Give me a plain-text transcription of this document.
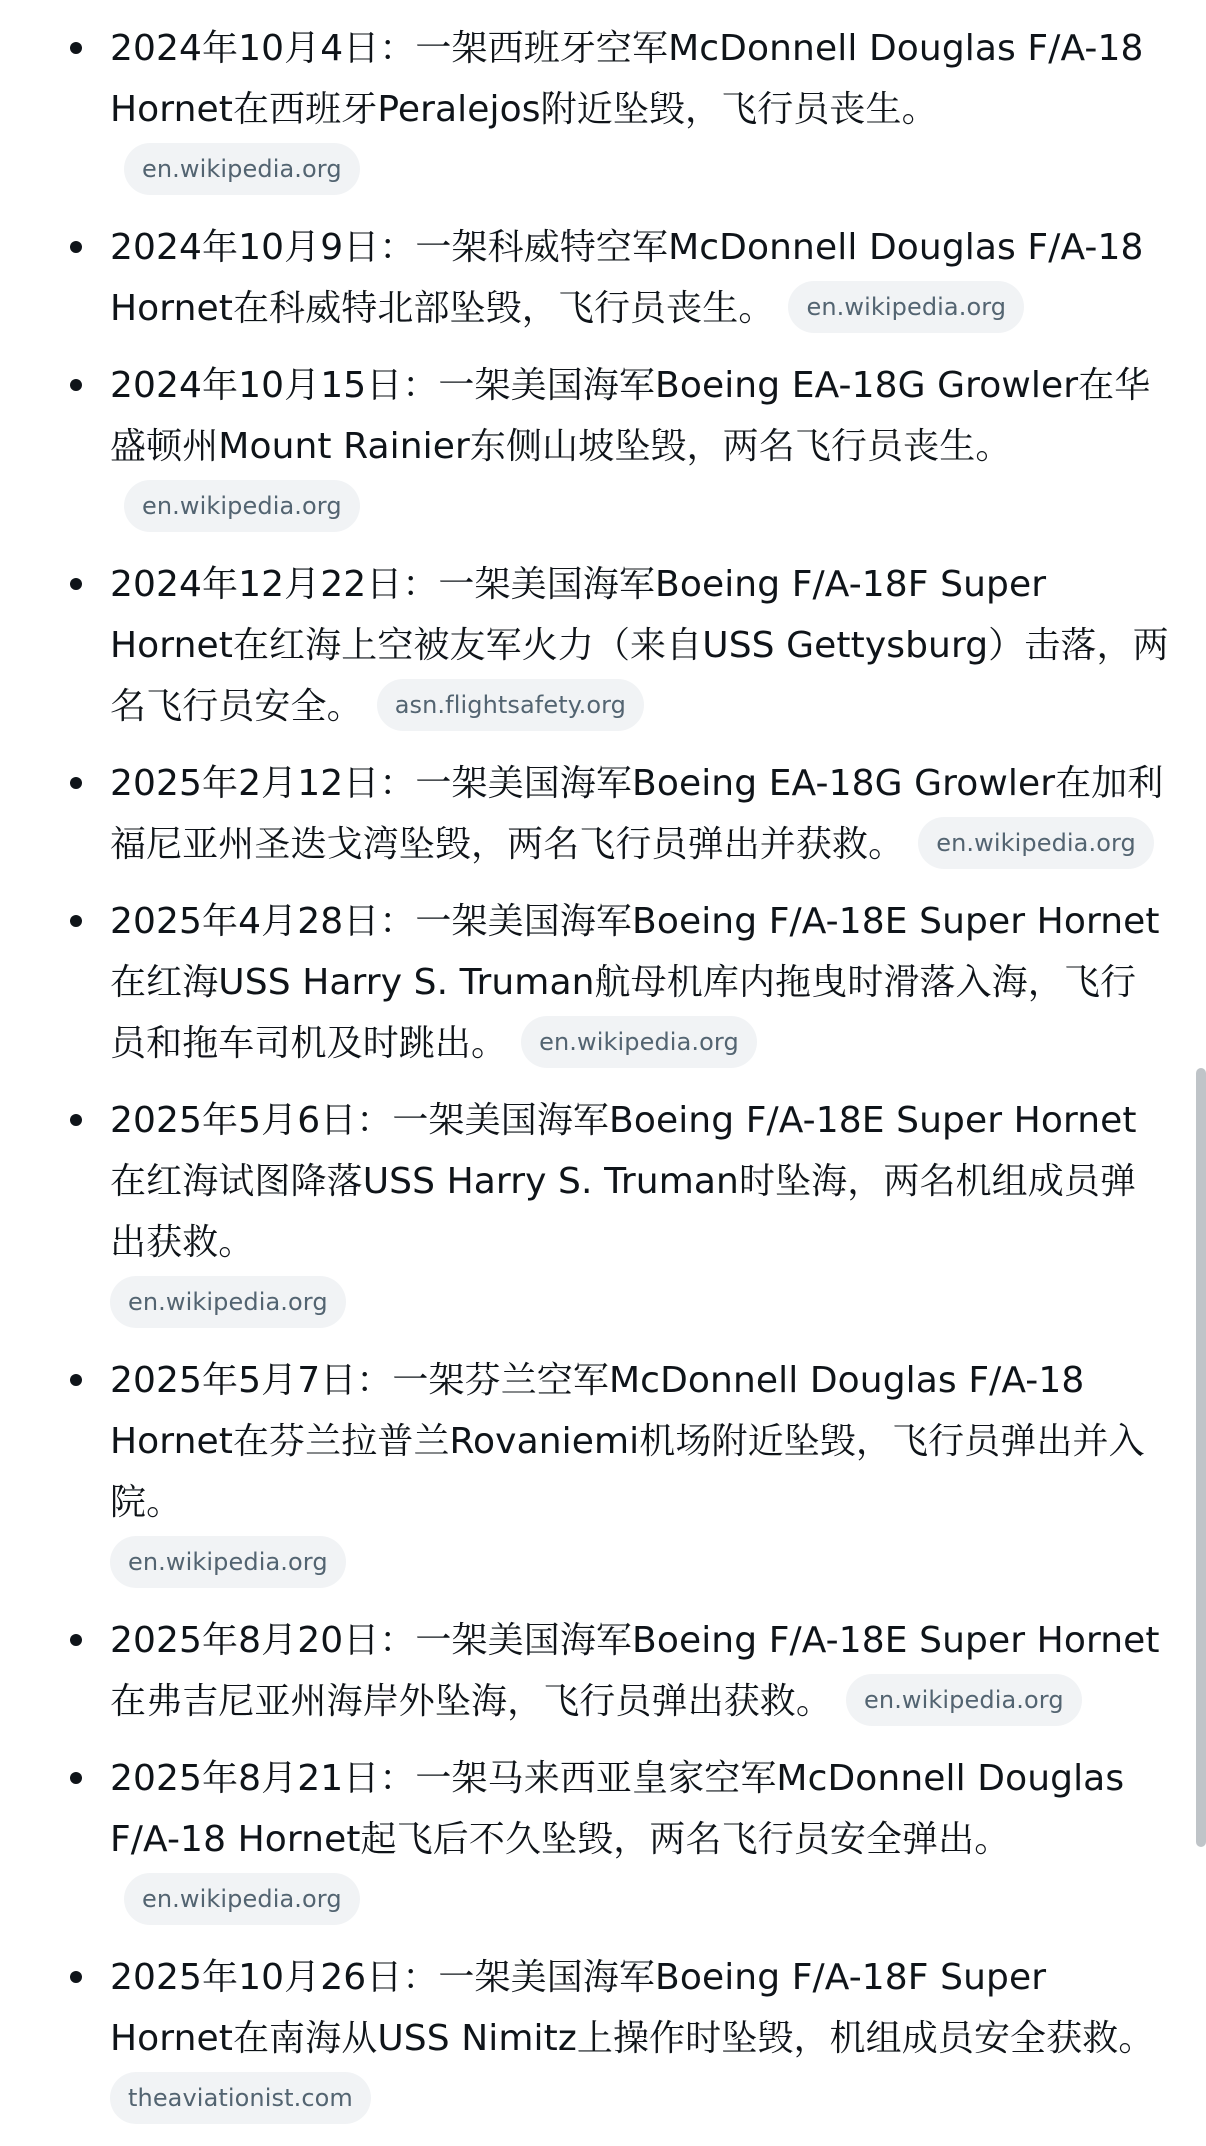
2024年10月4日：一架西班牙空军McDonnell Douglas F/A-18 Hornet在西班牙Peralejos附近坠毁，飞行员丧生。en.wikipedia.org
2024年10月9日：一架科威特空军McDonnell Douglas F/A-18 Hornet在科威特北部坠毁，飞行员丧生。 en.wikipedia.org
2024年10月15日：一架美国海军Boeing EA-18G Growler在华盛顿州Mount Rainier东侧山坡坠毁，两名飞行员丧生。en.wikipedia.org
2024年12月22日：一架美国海军Boeing F/A-18F Super Hornet在红海上空被友军火力（来自USS Gettysburg）击落，两名飞行员安全。 asn.flightsafety.org
2025年2月12日：一架美国海军Boeing EA-18G Growler在加利福尼亚州圣迭戈湾坠毁，两名飞行员弹出并获救。 en.wikipedia.org
2025年4月28日：一架美国海军Boeing F/A-18E Super Hornet在红海USS Harry S. Truman航母机库内拖曳时滑落入海，飞行员和拖车司机及时跳出。 en.wikipedia.org
2025年5月6日：一架美国海军Boeing F/A-18E Super Hornet在红海试图降落USS Harry S. Truman时坠海，两名机组成员弹出获救。
en.wikipedia.org
2025年5月7日：一架芬兰空军McDonnell Douglas F/A-18 Hornet在芬兰拉普兰Rovaniemi机场附近坠毁，飞行员弹出并入院。
en.wikipedia.org
2025年8月20日：一架美国海军Boeing F/A-18E Super Hornet在弗吉尼亚州海岸外坠海，飞行员弹出获救。 en.wikipedia.org
2025年8月21日：一架马来西亚皇家空军McDonnell Douglas F/A-18 Hornet起飞后不久坠毁，两名飞行员安全弹出。en.wikipedia.org
2025年10月26日：一架美国海军Boeing F/A-18F Super Hornet在南海从USS Nimitz上操作时坠毁，机组成员安全获救。
theaviationist.com
